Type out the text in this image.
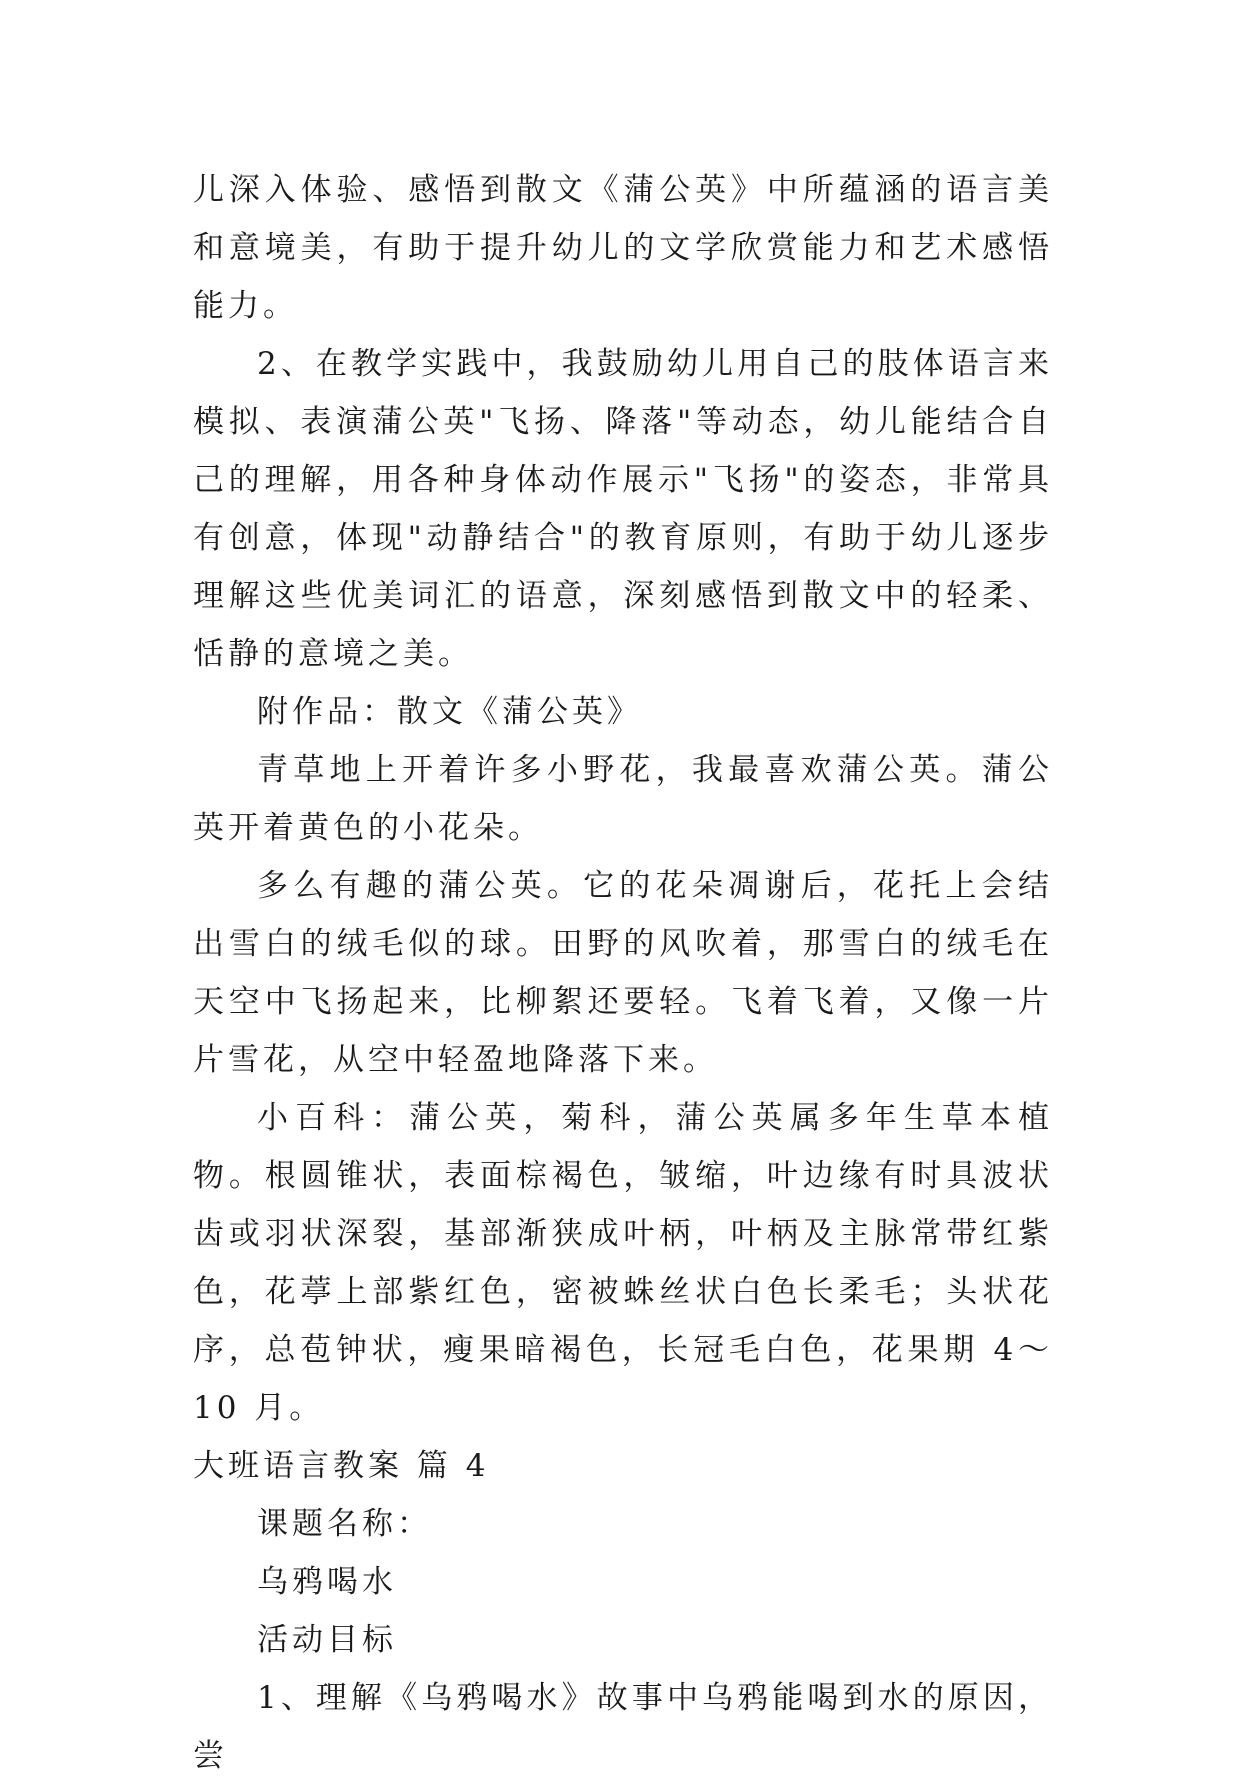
儿深入体验、感悟到散文《蒲公英》中所蕴涵的语言美和意境美，有助于提升幼儿的文学欣赏能力和艺术感悟能力。

2、在教学实践中，我鼓励幼儿用自己的肢体语言来模拟、表演蒲公英"飞扬、降落"等动态，幼儿能结合自己的理解，用各种身体动作展示"飞扬"的姿态，非常具有创意，体现"动静结合"的教育原则，有助于幼儿逐步理解这些优美词汇的语意，深刻感悟到散文中的轻柔、恬静的意境之美。

附作品：散文《蒲公英》

青草地上开着许多小野花，我最喜欢蒲公英。蒲公英开着黄色的小花朵。

多么有趣的蒲公英。它的花朵凋谢后，花托上会结出雪白的绒毛似的球。田野的风吹着，那雪白的绒毛在天空中飞扬起来，比柳絮还要轻。飞着飞着，又像一片片雪花，从空中轻盈地降落下来。

小百科：蒲公英，菊科，蒲公英属多年生草本植物。根圆锥状，表面棕褐色，皱缩，叶边缘有时具波状齿或羽状深裂，基部渐狭成叶柄，叶柄及主脉常带红紫色，花葶上部紫红色，密被蛛丝状白色长柔毛；头状花序，总苞钟状，瘦果暗褐色，长冠毛白色，花果期 4～10 月。

大班语言教案 篇 4

课题名称：

乌鸦喝水

活动目标

1、理解《乌鸦喝水》故事中乌鸦能喝到水的原因，尝
